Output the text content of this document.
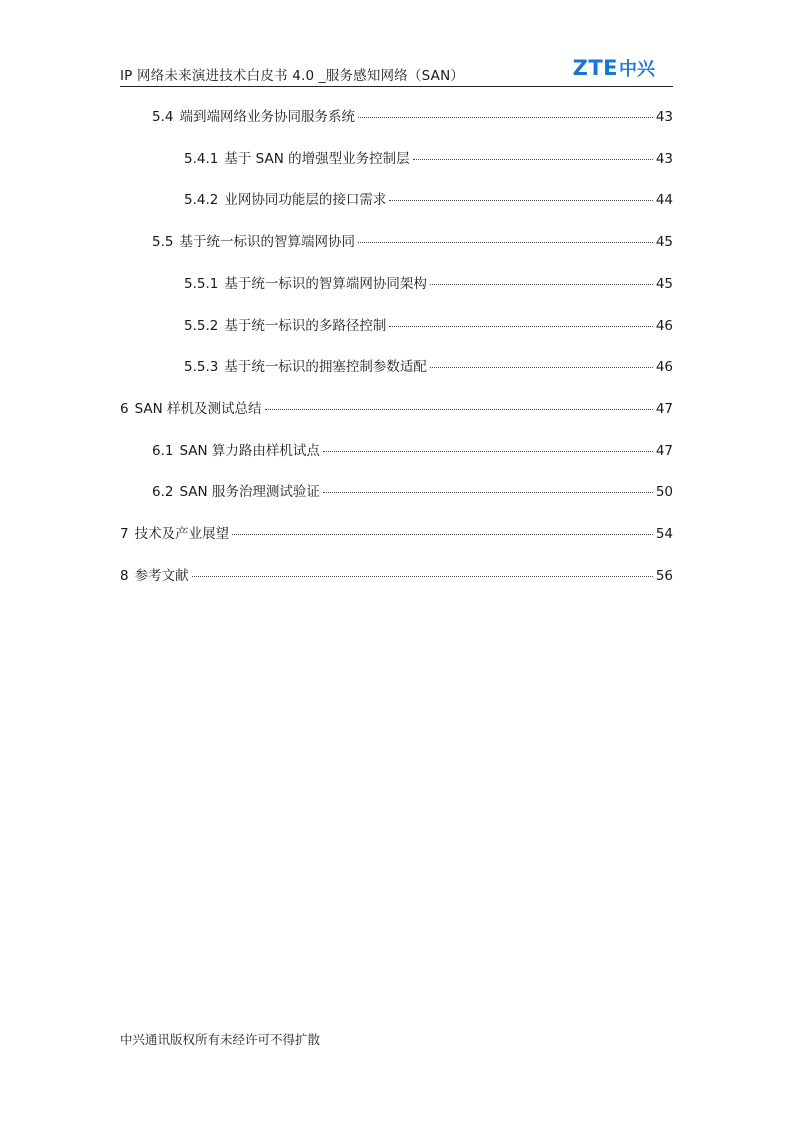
IP 网络未来演进技术白皮书 4.0 _服务感知网络（SAN）	ZTE 中兴
5.4 端到端网络业务协同服务系统	43
5.4.1 基于 SAN 的增强型业务控制层	43
5.4.2 业网协同功能层的接口需求	44
5.5 基于统一标识的智算端网协同	45
5.5.1 基于统一标识的智算端网协同架构	45
5.5.2 基于统一标识的多路径控制	46
5.5.3 基于统一标识的拥塞控制参数适配	46
6 SAN 样机及测试总结	47
6.1 SAN 算力路由样机试点	47
6.2 SAN 服务治理测试验证	50
7 技术及产业展望	54
8 参考文献	56
中兴通讯版权所有未经许可不得扩散
